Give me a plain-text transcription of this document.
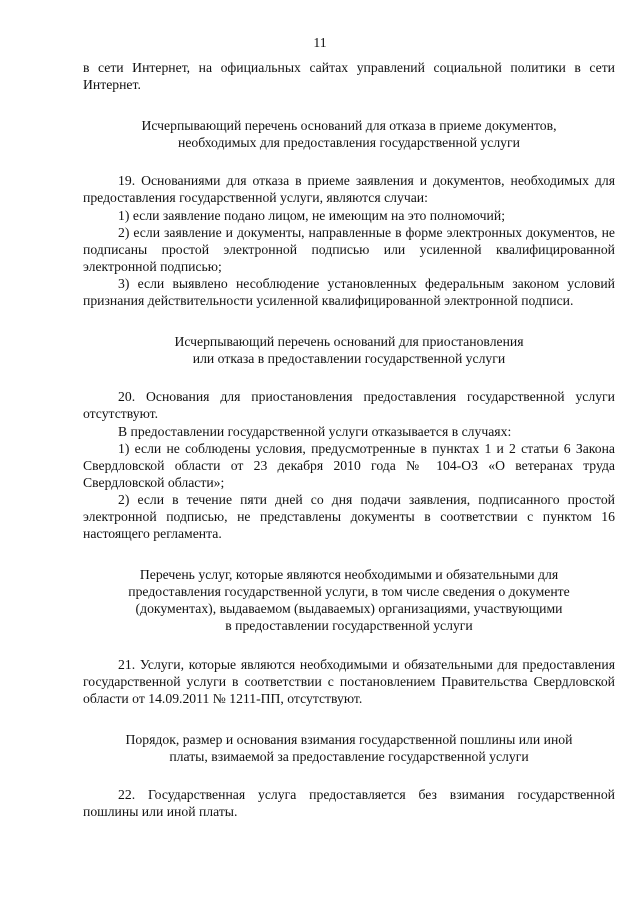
11

в сети Интернет, на официальных сайтах управлений социальной политики в сети Интернет.

Исчерпывающий перечень оснований для отказа в приеме документов,

необходимых для предоставления государственной услуги

19. Основаниями для отказа в приеме заявления и документов, необходимых для предоставления государственной услуги, являются случаи:

1) если заявление подано лицом, не имеющим на это полномочий;

2) если заявление и документы, направленные в форме электронных документов, не подписаны простой электронной подписью или усиленной квалифицированной электронной подписью;

3) если выявлено несоблюдение установленных федеральным законом условий признания действительности усиленной квалифицированной электронной подписи.

Исчерпывающий перечень оснований для приостановления

или отказа в предоставлении государственной услуги

20. Основания для приостановления предоставления государственной услуги отсутствуют.

В предоставлении государственной услуги отказывается в случаях:

1) если не соблюдены условия, предусмотренные в пунктах 1 и 2 статьи 6 Закона Свердловской области от 23 декабря 2010 года № 104-ОЗ «О ветеранах труда Свердловской области»;

2) если в течение пяти дней со дня подачи заявления, подписанного простой электронной подписью, не представлены документы в соответствии с пунктом 16 настоящего регламента.

Перечень услуг, которые являются необходимыми и обязательными для

предоставления государственной услуги, в том числе сведения о документе

(документах), выдаваемом (выдаваемых) организациями, участвующими

в предоставлении государственной услуги

21. Услуги, которые являются необходимыми и обязательными для предоставления государственной услуги в соответствии с постановлением Правительства Свердловской области от 14.09.2011 № 1211-ПП, отсутствуют.

Порядок, размер и основания взимания государственной пошлины или иной

платы, взимаемой за предоставление государственной услуги

22. Государственная услуга предоставляется без взимания государственной пошлины или иной платы.
